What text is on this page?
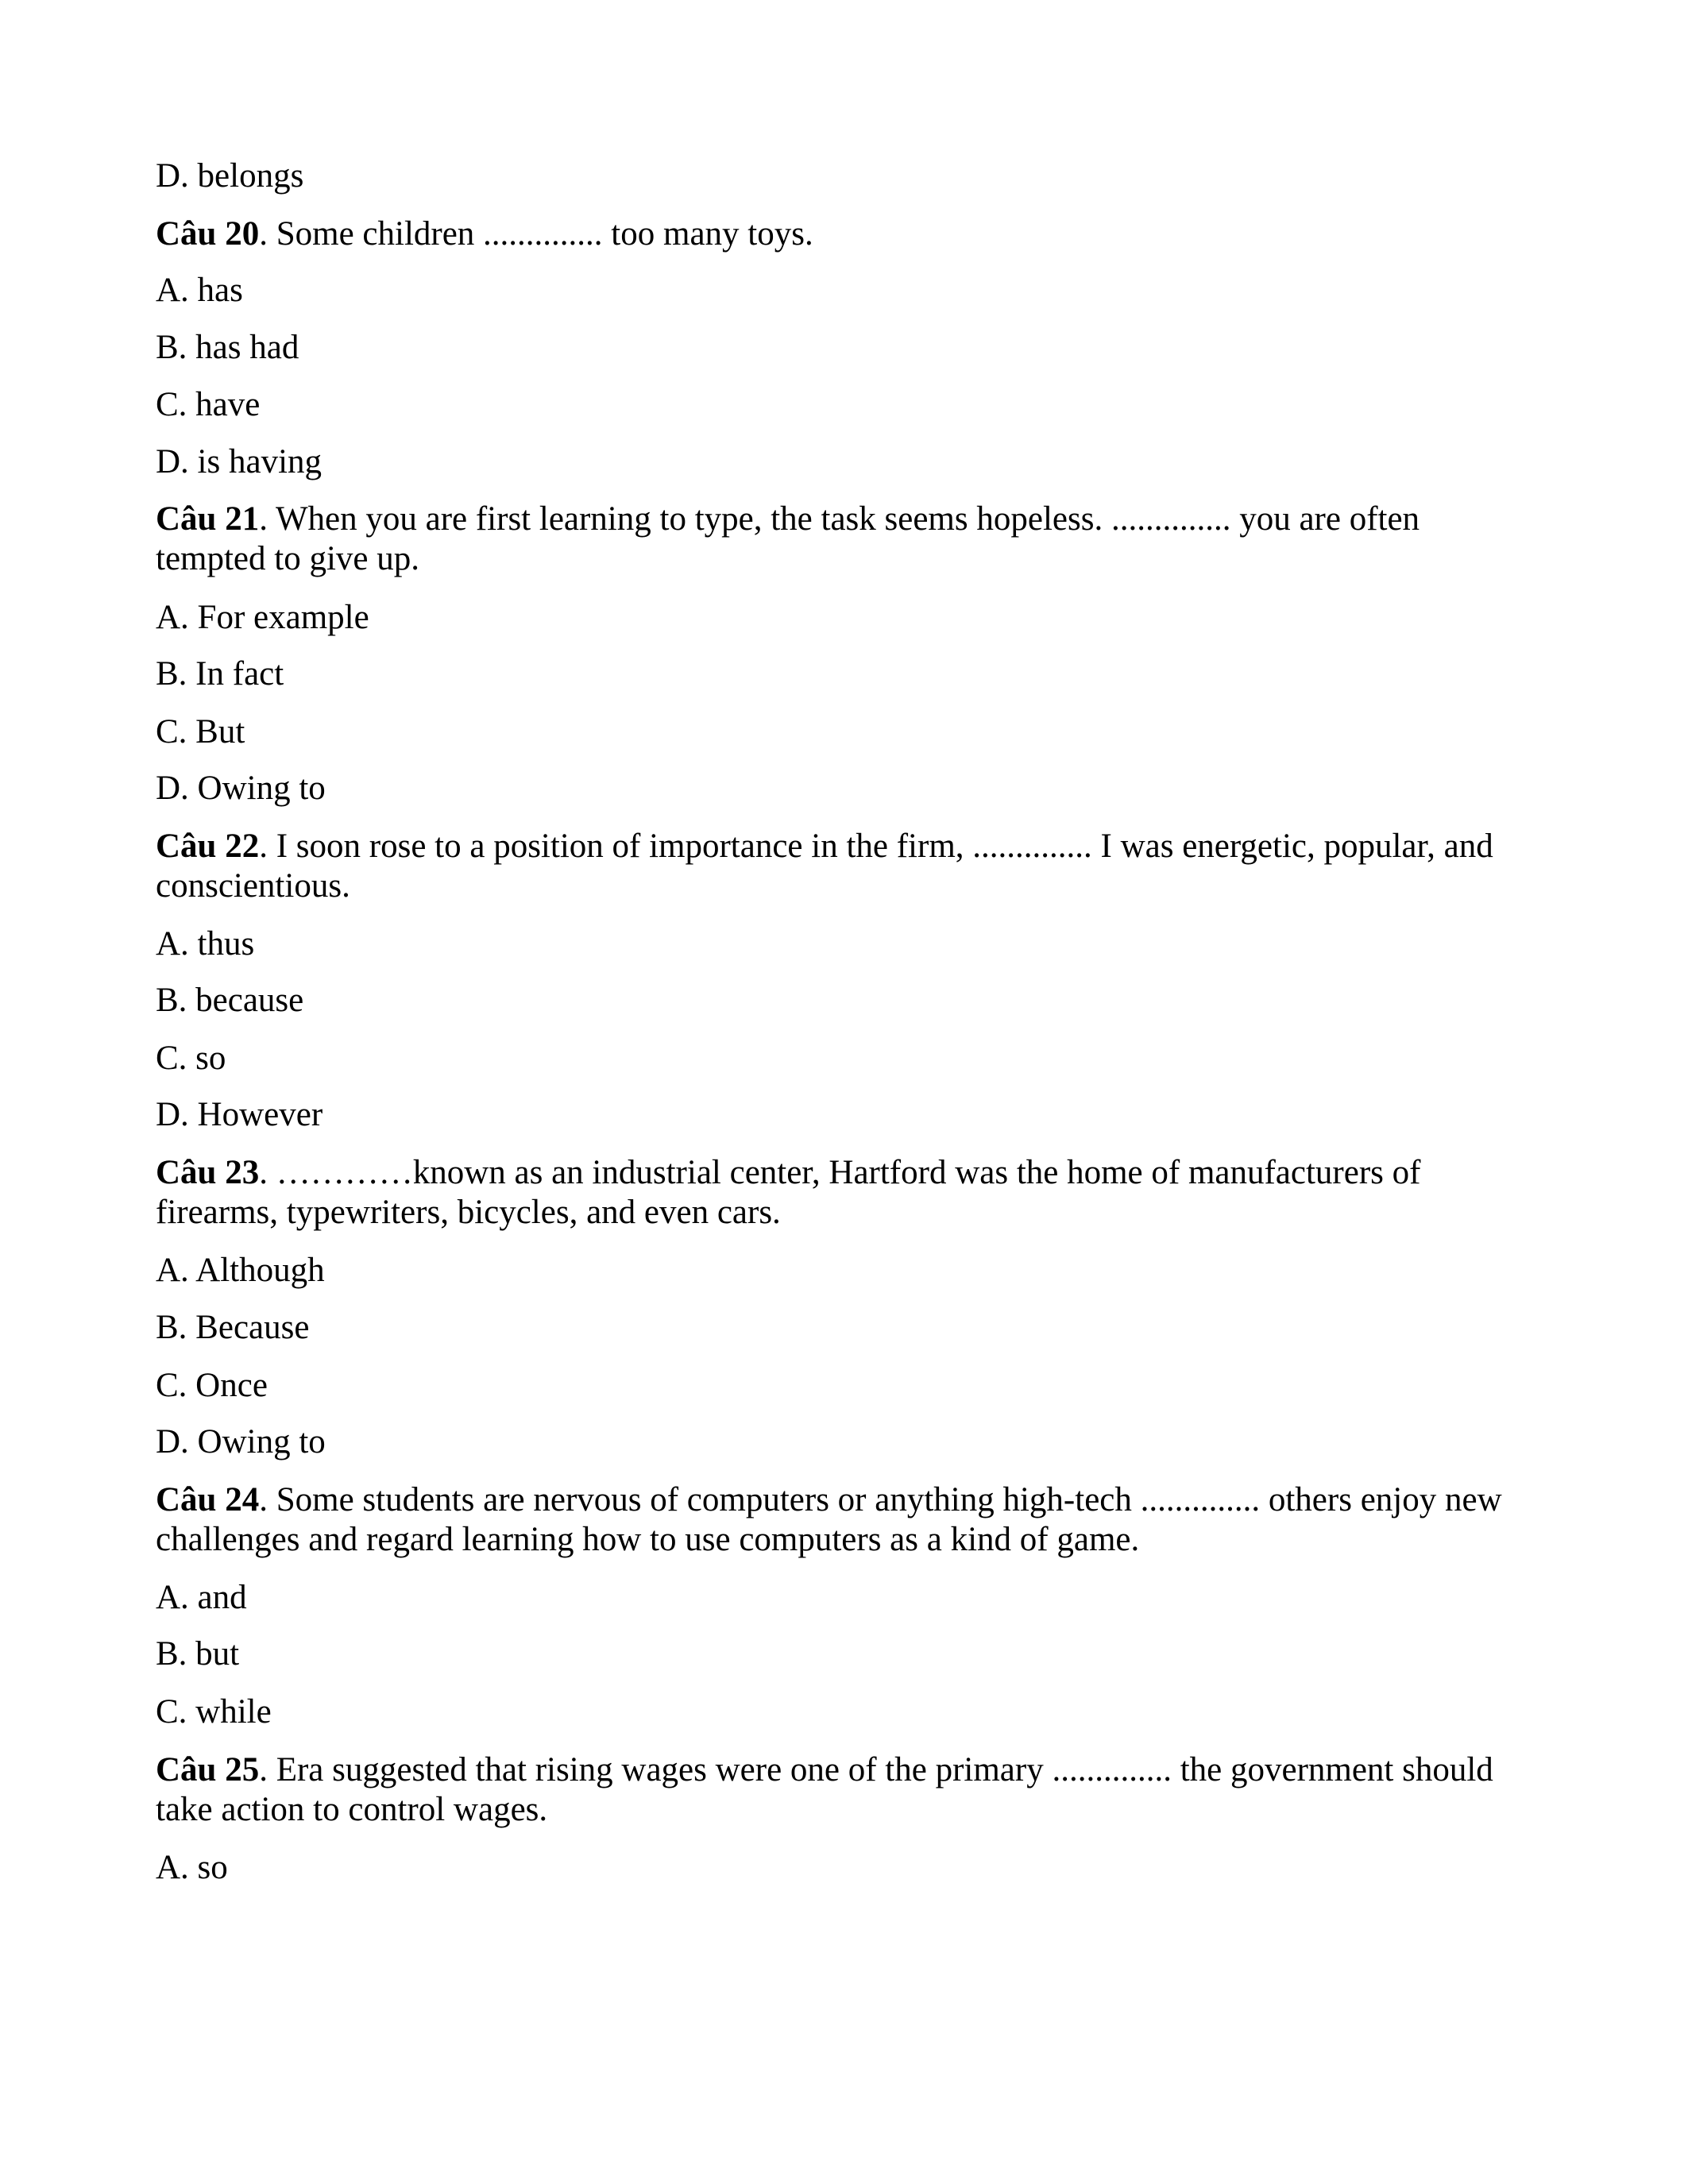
D. belongs
Câu 20. Some children .............. too many toys.
A. has
B. has had
C. have
D. is having
Câu 21. When you are first learning to type, the task seems hopeless. .............. you are often tempted to give up.
A. For example
B. In fact
C. But
D. Owing to
Câu 22. I soon rose to a position of importance in the firm, .............. I was energetic, popular, and conscientious.
A. thus
B. because
C. so
D. However
Câu 23. …………known as an industrial center, Hartford was the home of manufacturers of firearms, typewriters, bicycles, and even cars.
A. Although
B. Because
C. Once
D. Owing to
Câu 24. Some students are nervous of computers or anything high-tech .............. others enjoy new challenges and regard learning how to use computers as a kind of game.
A. and
B. but
C. while
Câu 25. Era suggested that rising wages were one of the primary .............. the government should take action to control wages.
A. so
